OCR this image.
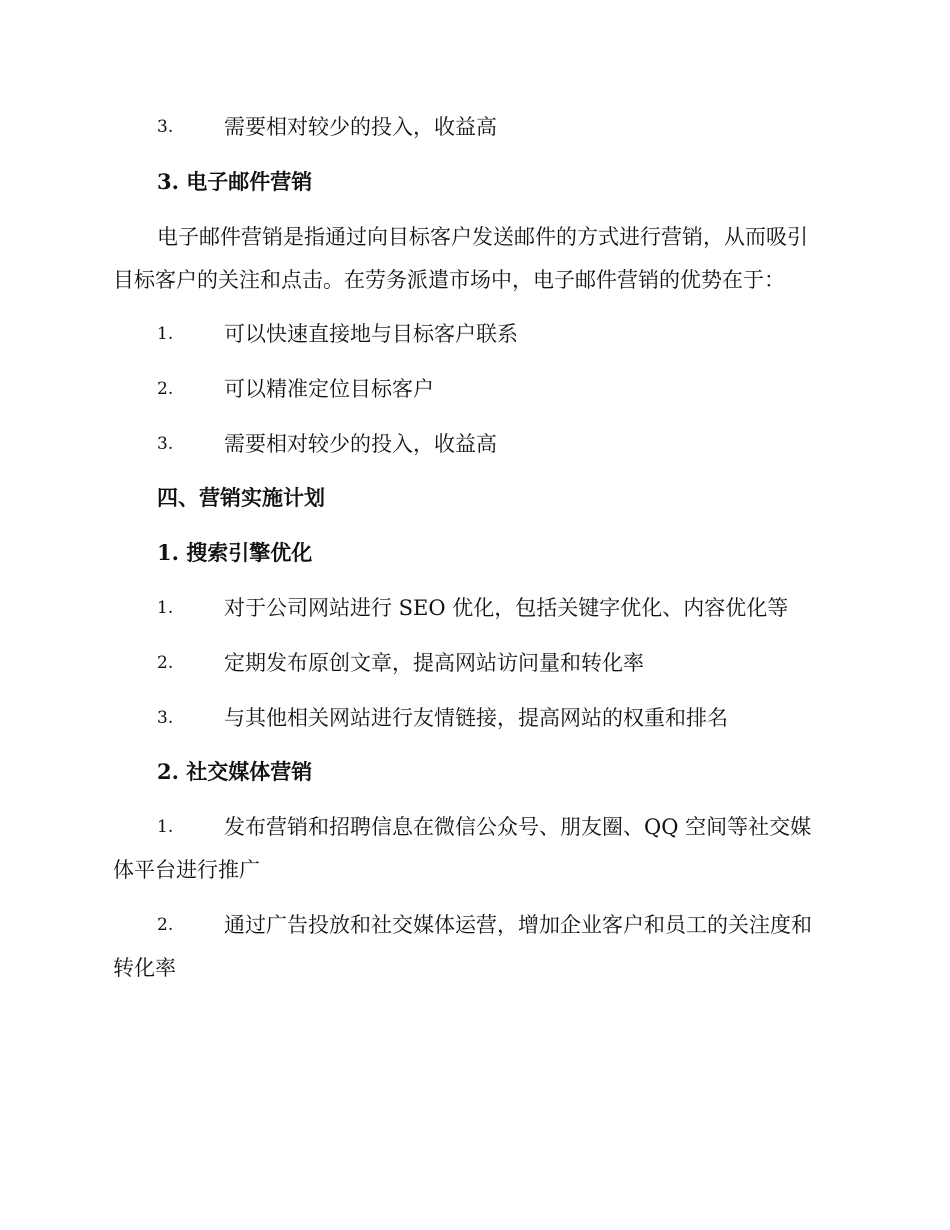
3. 需要相对较少的投入，收益高
3. 电子邮件营销
电子邮件营销是指通过向目标客户发送邮件的方式进行营销，从而吸引
目标客户的关注和点击。在劳务派遣市场中，电子邮件营销的优势在于：
1. 可以快速直接地与目标客户联系
2. 可以精准定位目标客户
3. 需要相对较少的投入，收益高
四、营销实施计划
1. 搜索引擎优化
1. 对于公司网站进行 SEO 优化，包括关键字优化、内容优化等
2. 定期发布原创文章，提高网站访问量和转化率
3. 与其他相关网站进行友情链接，提高网站的权重和排名
2. 社交媒体营销
1. 发布营销和招聘信息在微信公众号、朋友圈、QQ 空间等社交媒
体平台进行推广
2. 通过广告投放和社交媒体运营，增加企业客户和员工的关注度和
转化率
